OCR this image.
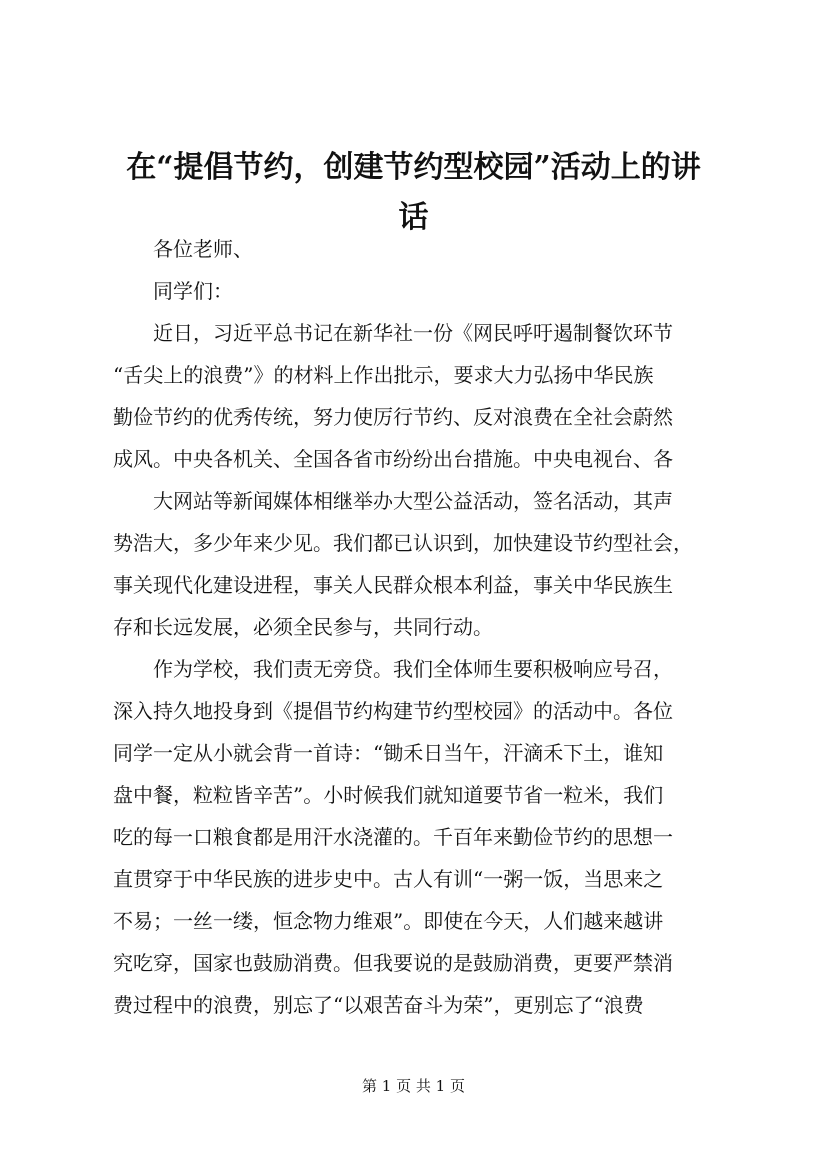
在“提倡节约，创建节约型校园”活动上的讲
话
各位老师、
同学们：
近日，习近平总书记在新华社一份《网民呼吁遏制餐饮环节
“舌尖上的浪费”》的材料上作出批示，要求大力弘扬中华民族
勤俭节约的优秀传统，努力使厉行节约、反对浪费在全社会蔚然
成风。中央各机关、全国各省市纷纷出台措施。中央电视台、各
大网站等新闻媒体相继举办大型公益活动，签名活动，其声
势浩大，多少年来少见。我们都已认识到，加快建设节约型社会，
事关现代化建设进程，事关人民群众根本利益，事关中华民族生
存和长远发展，必须全民参与，共同行动。
作为学校，我们责无旁贷。我们全体师生要积极响应号召，
深入持久地投身到《提倡节约构建节约型校园》的活动中。各位
同学一定从小就会背一首诗：“锄禾日当午，汗滴禾下土，谁知
盘中餐，粒粒皆辛苦”。小时候我们就知道要节省一粒米，我们
吃的每一口粮食都是用汗水浇灌的。千百年来勤俭节约的思想一
直贯穿于中华民族的进步史中。古人有训“一粥一饭，当思来之
不易；一丝一缕，恒念物力维艰”。即使在今天，人们越来越讲
究吃穿，国家也鼓励消费。但我要说的是鼓励消费，更要严禁消
费过程中的浪费，别忘了“以艰苦奋斗为荣”，更别忘了“浪费
第 1 页 共 1 页
